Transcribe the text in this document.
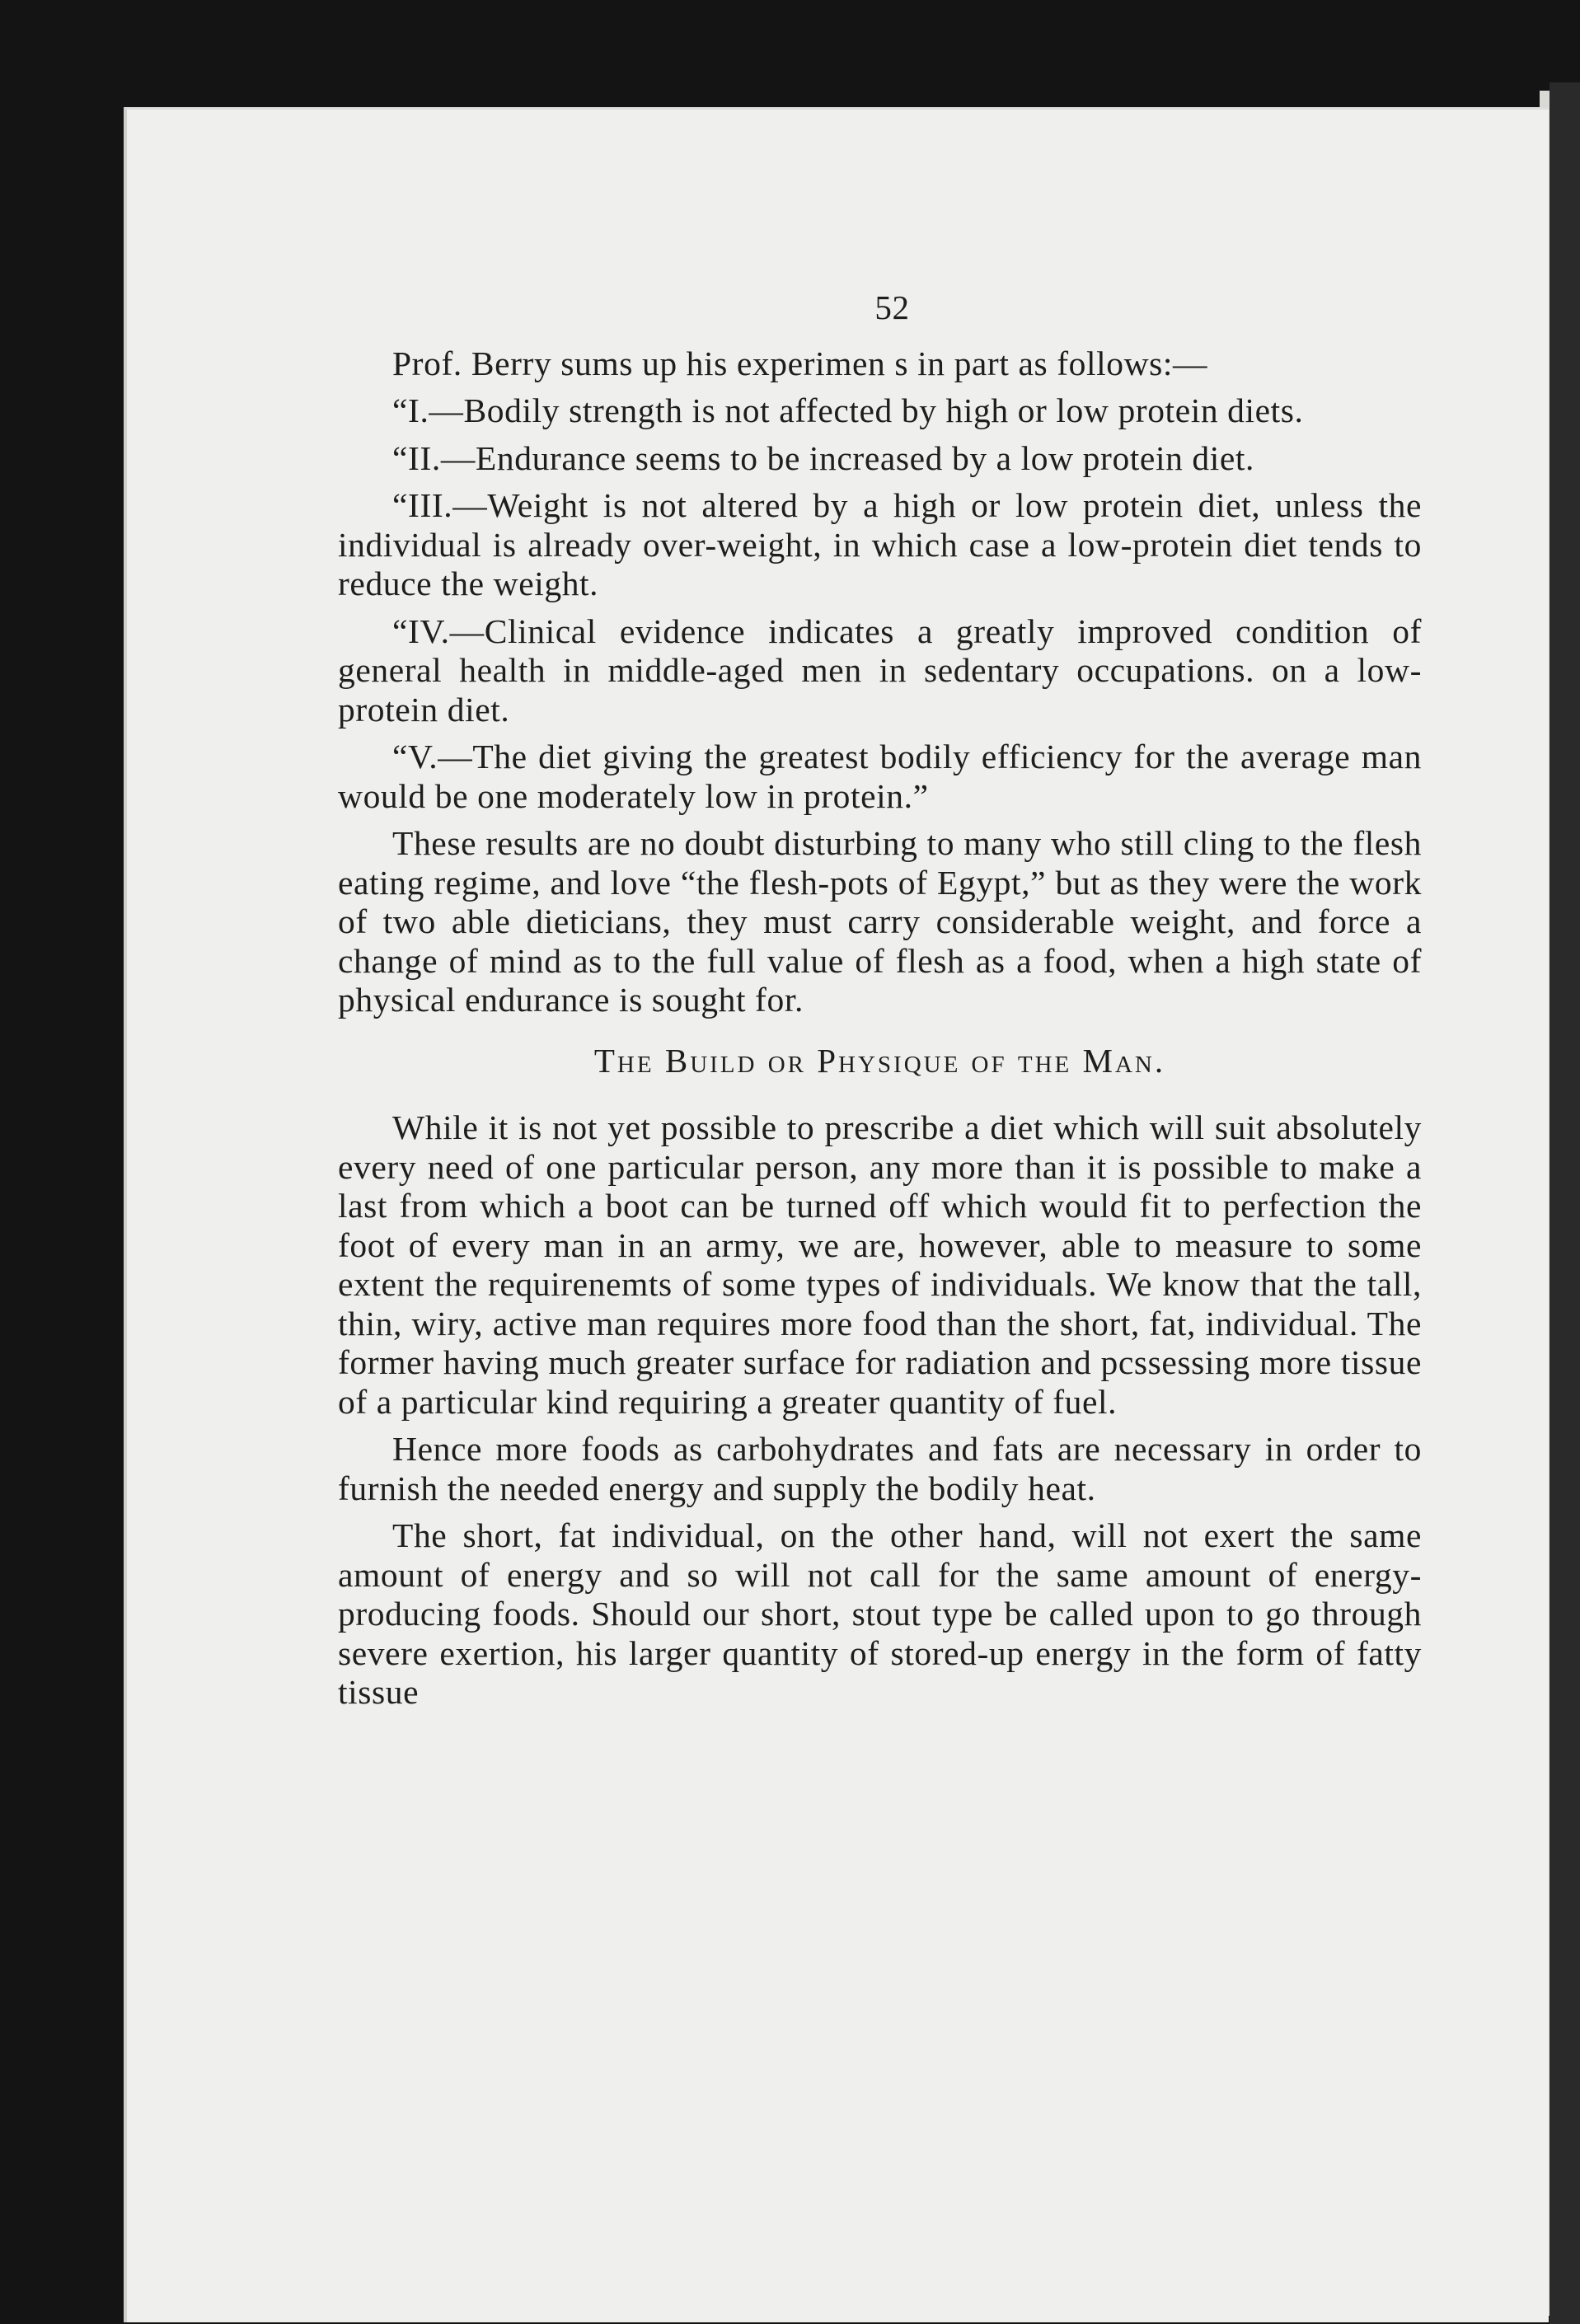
52

Prof. Berry sums up his experimen s in part as follows:—

“I.—Bodily strength is not affected by high or low protein diets.

“II.—Endurance seems to be increased by a low protein diet.

“III.—Weight is not altered by a high or low protein diet, unless the individual is already over-weight, in which case a low-protein diet tends to reduce the weight.

“IV.—Clinical evidence indicates a greatly improved condition of general health in middle-aged men in sedentary occupations. on a low-protein diet.

“V.—The diet giving the greatest bodily efficiency for the average man would be one moderately low in protein.”

These results are no doubt disturbing to many who still cling to the flesh eating regime, and love “the flesh-pots of Egypt,” but as they were the work of two able dieticians, they must carry considerable weight, and force a change of mind as to the full value of flesh as a food, when a high state of physical endurance is sought for.

The Build or Physique of the Man.

While it is not yet possible to prescribe a diet which will suit absolutely every need of one particular person, any more than it is possible to make a last from which a boot can be turned off which would fit to perfection the foot of every man in an army, we are, however, able to measure to some extent the requirenemts of some types of individuals. We know that the tall, thin, wiry, active man requires more food than the short, fat, individual. The former having much greater surface for radiation and pcssessing more tissue of a particular kind requiring a greater quantity of fuel.

Hence more foods as carbohydrates and fats are necessary in order to furnish the needed energy and supply the bodily heat.

The short, fat individual, on the other hand, will not exert the same amount of energy and so will not call for the same amount of energy-producing foods. Should our short, stout type be called upon to go through severe exertion, his larger quantity of stored-up energy in the form of fatty tissue
